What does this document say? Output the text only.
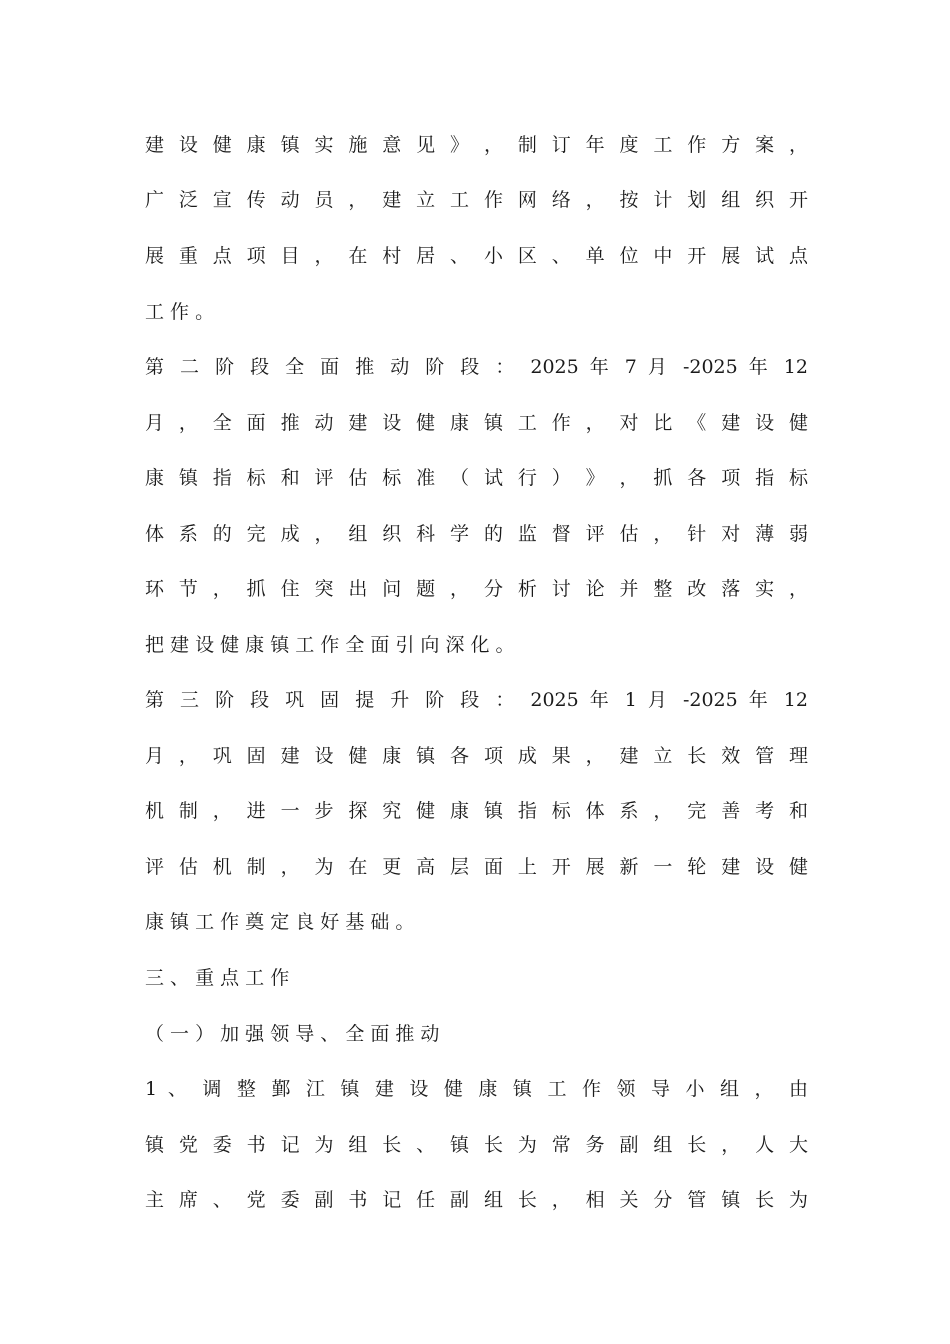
建 设 健 康 镇 实 施 意 见 》 ， 制 订 年 度 工 作 方 案 ，
广 泛 宣 传 动 员 ， 建 立 工 作 网 络 ， 按 计 划 组 织 开
展 重 点 项 目 ， 在 村 居 、 小 区 、 单 位 中 开 展 试 点
工 作 。
第 二 阶 段 全 面 推 动 阶 段 ： 2025 年 7 月 -2025 年 12
月 ， 全 面 推 动 建 设 健 康 镇 工 作 ， 对 比 《 建 设 健
康 镇 指 标 和 评 估 标 准 （ 试 行 ） 》 ， 抓 各 项 指 标
体 系 的 完 成 ， 组 织 科 学 的 监 督 评 估 ， 针 对 薄 弱
环 节 ， 抓 住 突 出 问 题 ， 分 析 讨 论 并 整 改 落 实 ，
把 建 设 健 康 镇 工 作 全 面 引 向 深 化 。
第 三 阶 段 巩 固 提 升 阶 段 ： 2025 年 1 月 -2025 年 12
月 ， 巩 固 建 设 健 康 镇 各 项 成 果 ， 建 立 长 效 管 理
机 制 ， 进 一 步 探 究 健 康 镇 指 标 体 系 ， 完 善 考 和
评 估 机 制 ， 为 在 更 高 层 面 上 开 展 新 一 轮 建 设 健
康 镇 工 作 奠 定 良 好 基 础 。
三 、 重 点 工 作
（ 一 ） 加 强 领 导 、 全 面 推 动
1 、 调 整 鄞 江 镇 建 设 健 康 镇 工 作 领 导 小 组 ， 由
镇 党 委 书 记 为 组 长 、 镇 长 为 常 务 副 组 长 ， 人 大
主 席 、 党 委 副 书 记 任 副 组 长 ， 相 关 分 管 镇 长 为
